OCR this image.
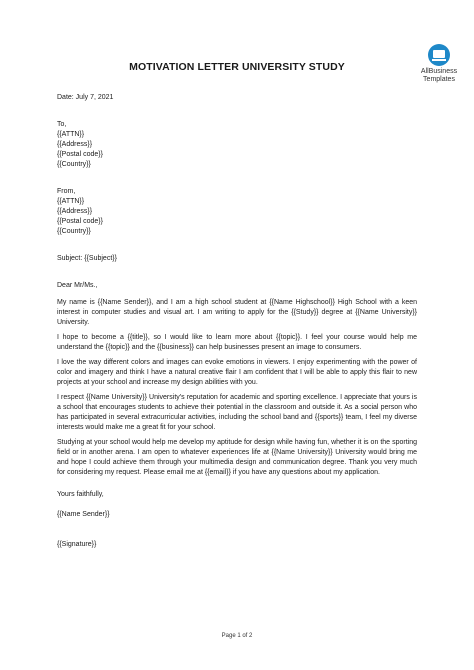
AllBusiness
Templates
MOTIVATION LETTER UNIVERSITY STUDY
Date: July 7, 2021
To,
{{ATTN}}
{{Address}}
{{Postal code}}
{{Country}}
From,
{{ATTN}}
{{Address}}
{{Postal code}}
{{Country}}
Subject: {{Subject}}
Dear Mr/Ms.,

My name is {{Name Sender}}, and I am a high school student at {{Name Highschool}} High School with a keen interest in computer studies and visual art. I am writing to apply for the {{Study}} degree at {{Name University}} University.

I hope to become a {{title}}, so I would like to learn more about {{topic}}. I feel your course would help me understand the {{topic}} and the {{business}} can help businesses present an image to consumers.

I love the way different colors and images can evoke emotions in viewers. I enjoy experimenting with the power of color and imagery and think I have a natural creative flair I am confident that I will be able to apply this flair to new projects at your school and increase my design abilities with you.

I respect {{Name University}} University's reputation for academic and sporting excellence. I appreciate that yours is a school that encourages students to achieve their potential in the classroom and outside it. As a social person who has participated in several extracurricular activities, including the school band and {{sports}} team, I feel my diverse interests would make me a great fit for your school.

Studying at your school would help me develop my aptitude for design while having fun, whether it is on the sporting field or in another arena. I am open to whatever experiences life at {{Name University}} University would bring me and hope I could achieve them through your multimedia design and communication degree. Thank you very much for considering my request. Please email me at {{email}} if you have any questions about my application.

Yours faithfully,
{{Name Sender}}
{{Signature}}
Page 1 of 2
